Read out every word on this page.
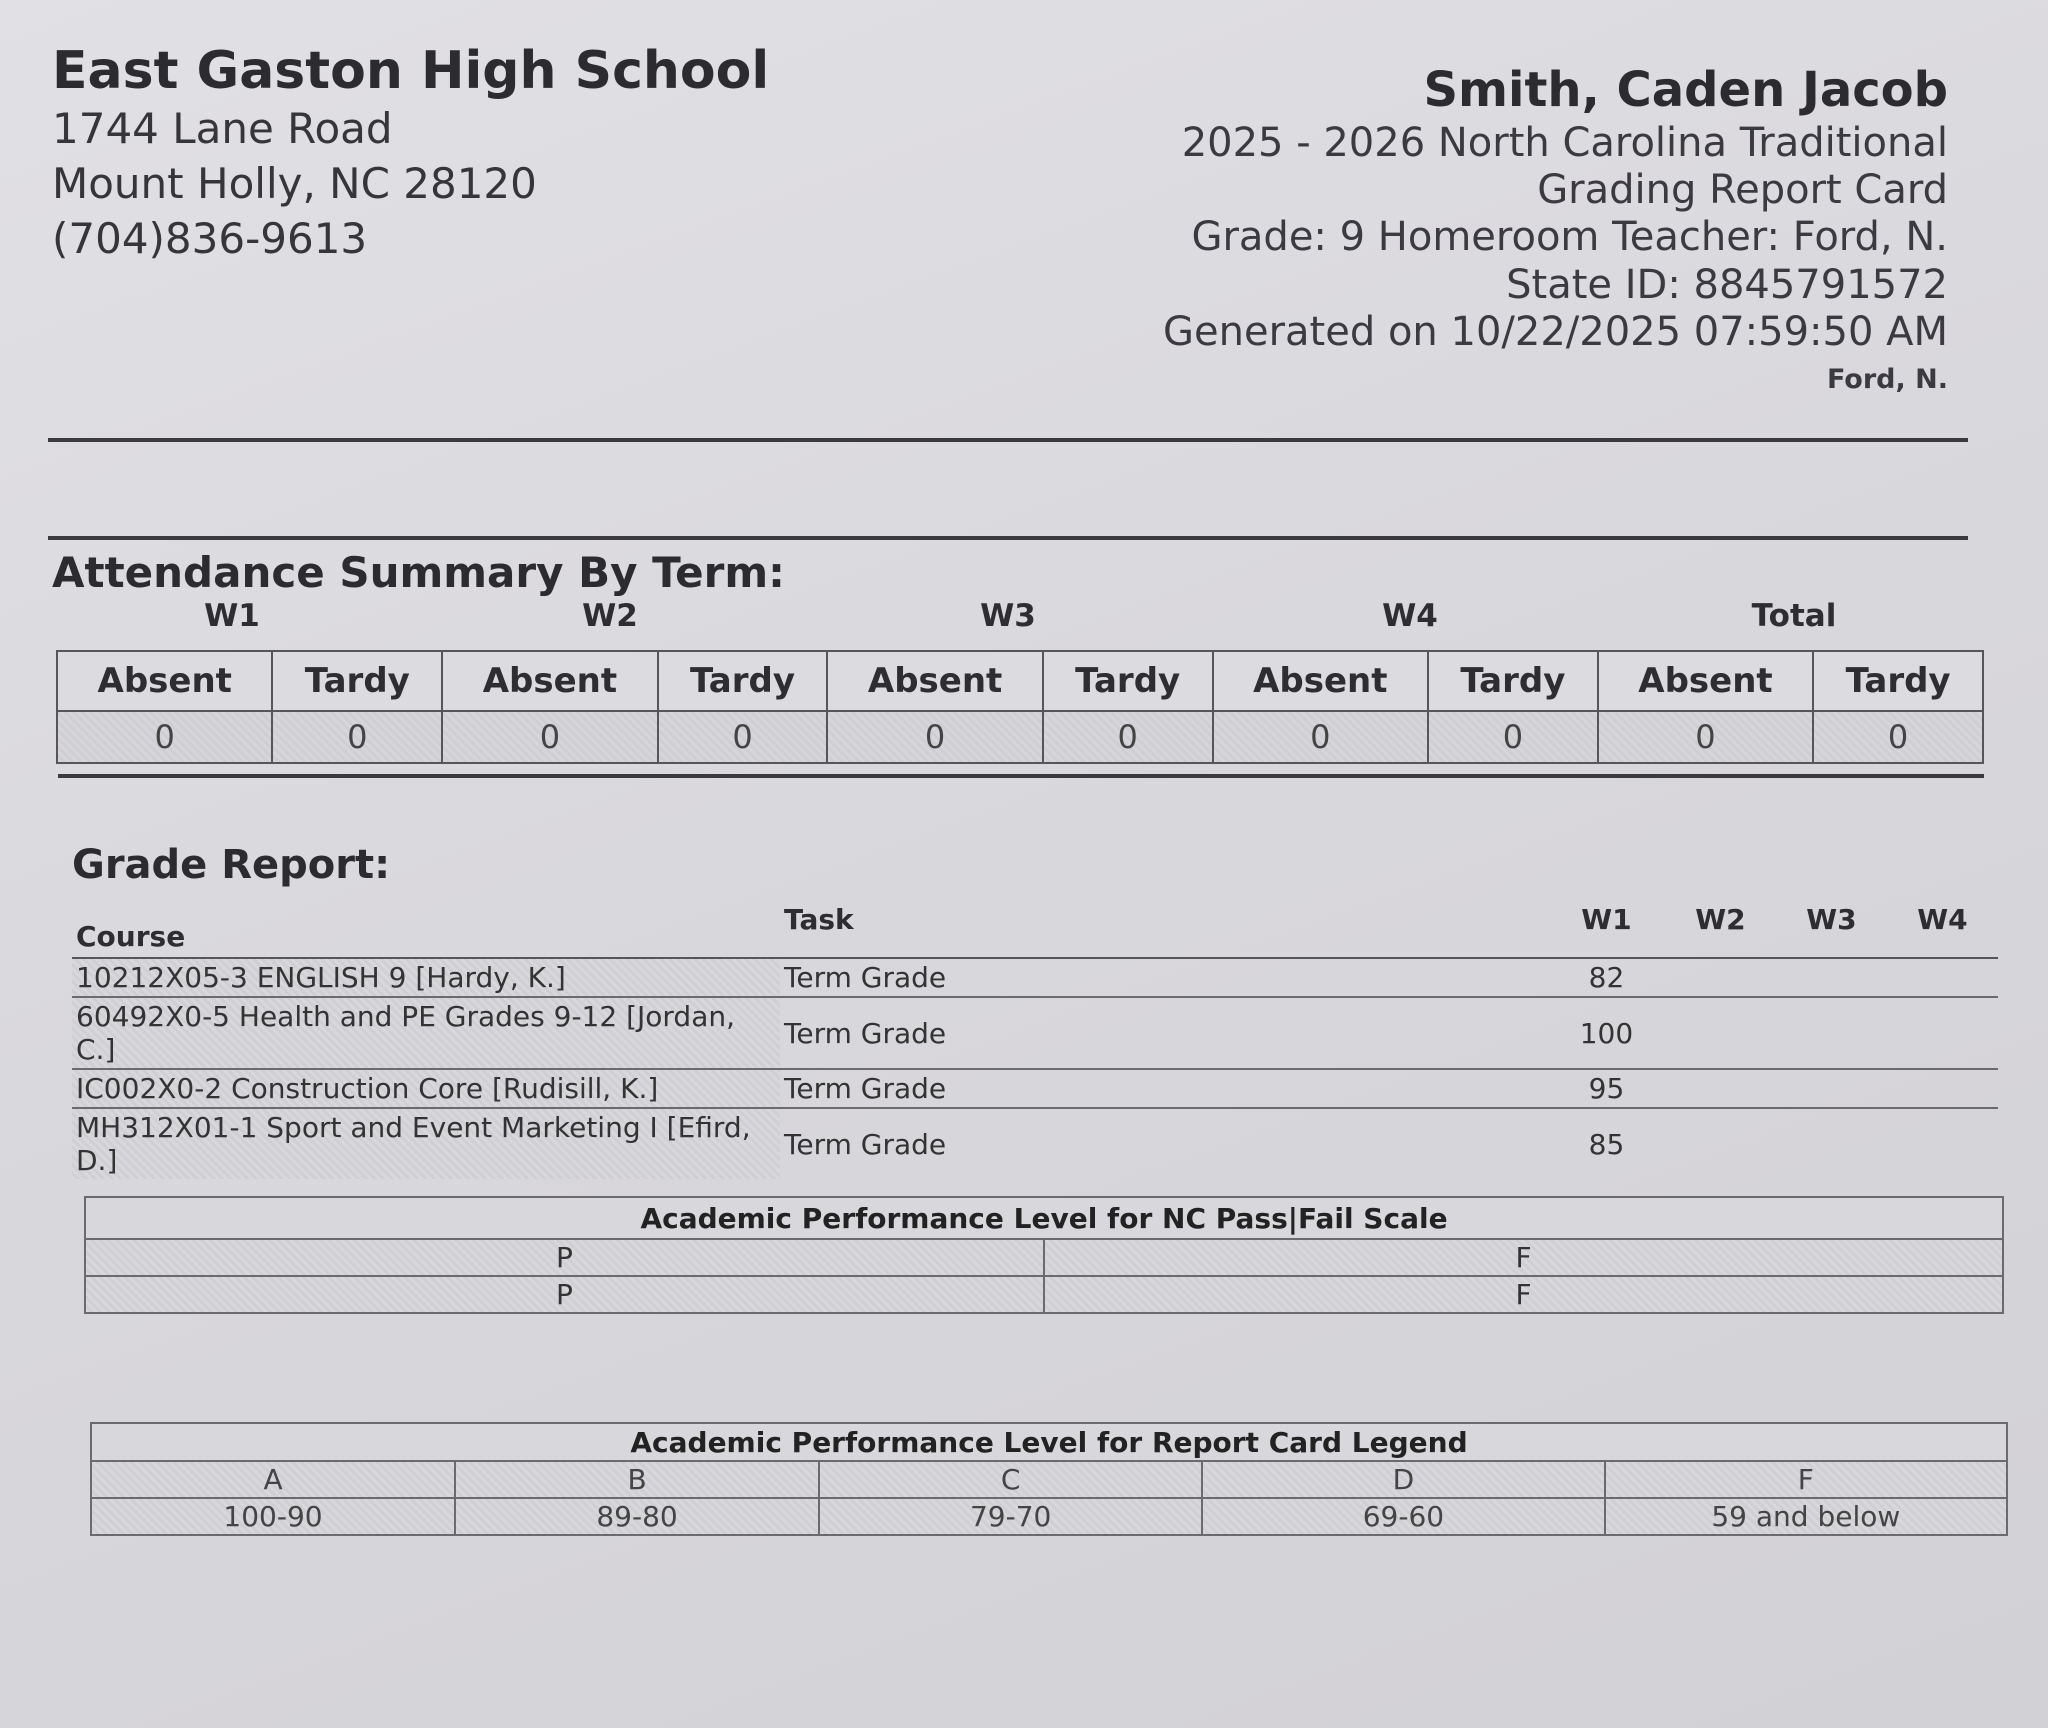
East Gaston High School
1744 Lane Road
Mount Holly, NC 28120
(704)836-9613
Smith, Caden Jacob
2025 - 2026 North Carolina Traditional
Grading Report Card
Grade: 9 Homeroom Teacher: Ford, N.
State ID: 8845791572
Generated on 10/22/2025 07:59:50 AM
Ford, N.
Attendance Summary By Term:
W1	W2	W3	W4	Total
Absent	Tardy	Absent	Tardy	Absent	Tardy	Absent	Tardy	Absent	Tardy
0	0	0	0	0	0	0	0	0	0
Grade Report:
Course	Task	W1	W2	W3	W4
10212X05-3 ENGLISH 9 [Hardy, K.]	Term Grade	82			
60492X0-5 Health and PE Grades 9-12 [Jordan, C.]	Term Grade	100			
IC002X0-2 Construction Core [Rudisill, K.]	Term Grade	95			
MH312X01-1 Sport and Event Marketing I [Efird, D.]	Term Grade	85			
Academic Performance Level for NC Pass|Fail Scale	
P	F
P	F
Academic Performance Level for Report Card Legend				
A	B	C	D	F
100-90	89-80	79-70	69-60	59 and below
